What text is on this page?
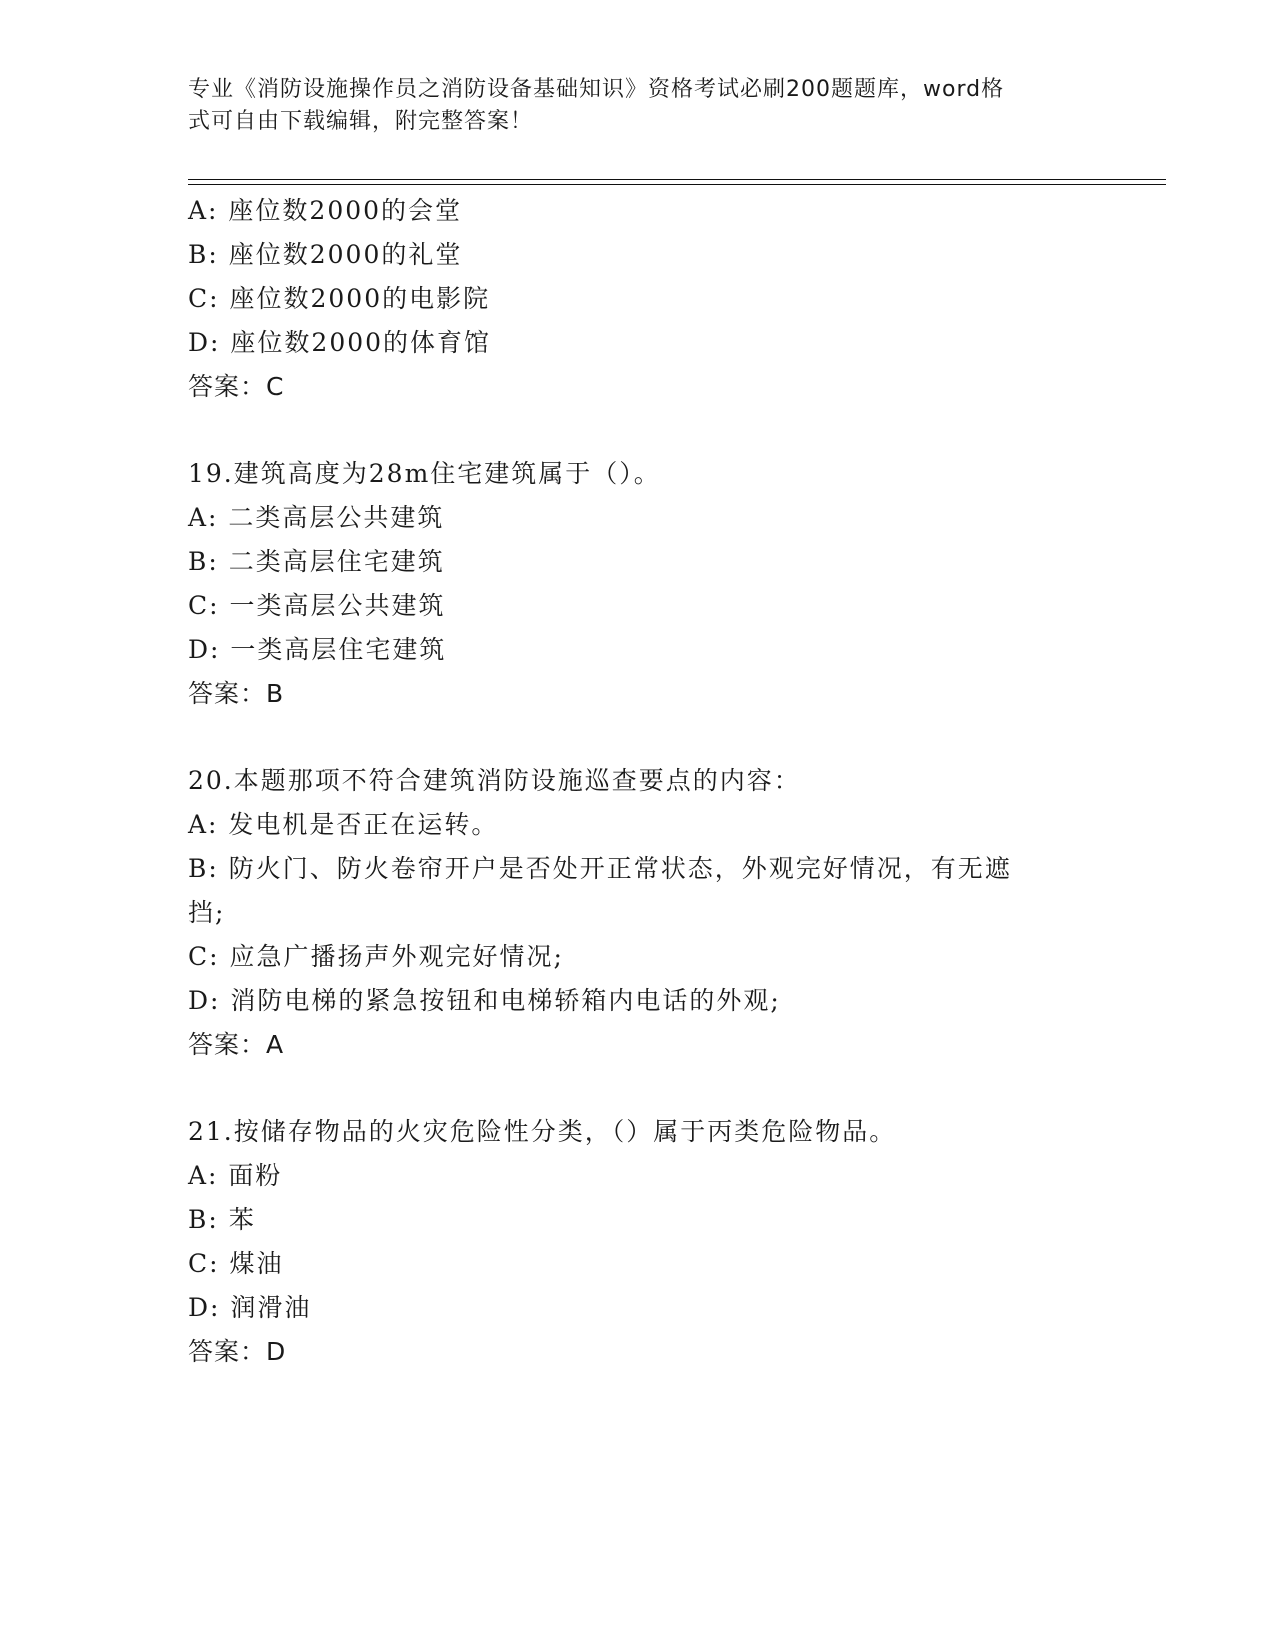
专业《消防设施操作员之消防设备基础知识》资格考试必刷200题题库，word格
式可自由下载编辑，附完整答案！
A: 座位数2000的会堂
B: 座位数2000的礼堂
C: 座位数2000的电影院
D: 座位数2000的体育馆
答案：C
19.建筑高度为28m住宅建筑属于（）。
A: 二类高层公共建筑
B: 二类高层住宅建筑
C: 一类高层公共建筑
D: 一类高层住宅建筑
答案：B
20.本题那项不符合建筑消防设施巡查要点的内容：
A: 发电机是否正在运转。
B: 防火门、防火卷帘开户是否处开正常状态，外观完好情况，有无遮
挡;
C: 应急广播扬声外观完好情况;
D: 消防电梯的紧急按钮和电梯轿箱内电话的外观;
答案：A
21.按储存物品的火灾危险性分类，（）属于丙类危险物品。
A: 面粉
B: 苯
C: 煤油
D: 润滑油
答案：D
